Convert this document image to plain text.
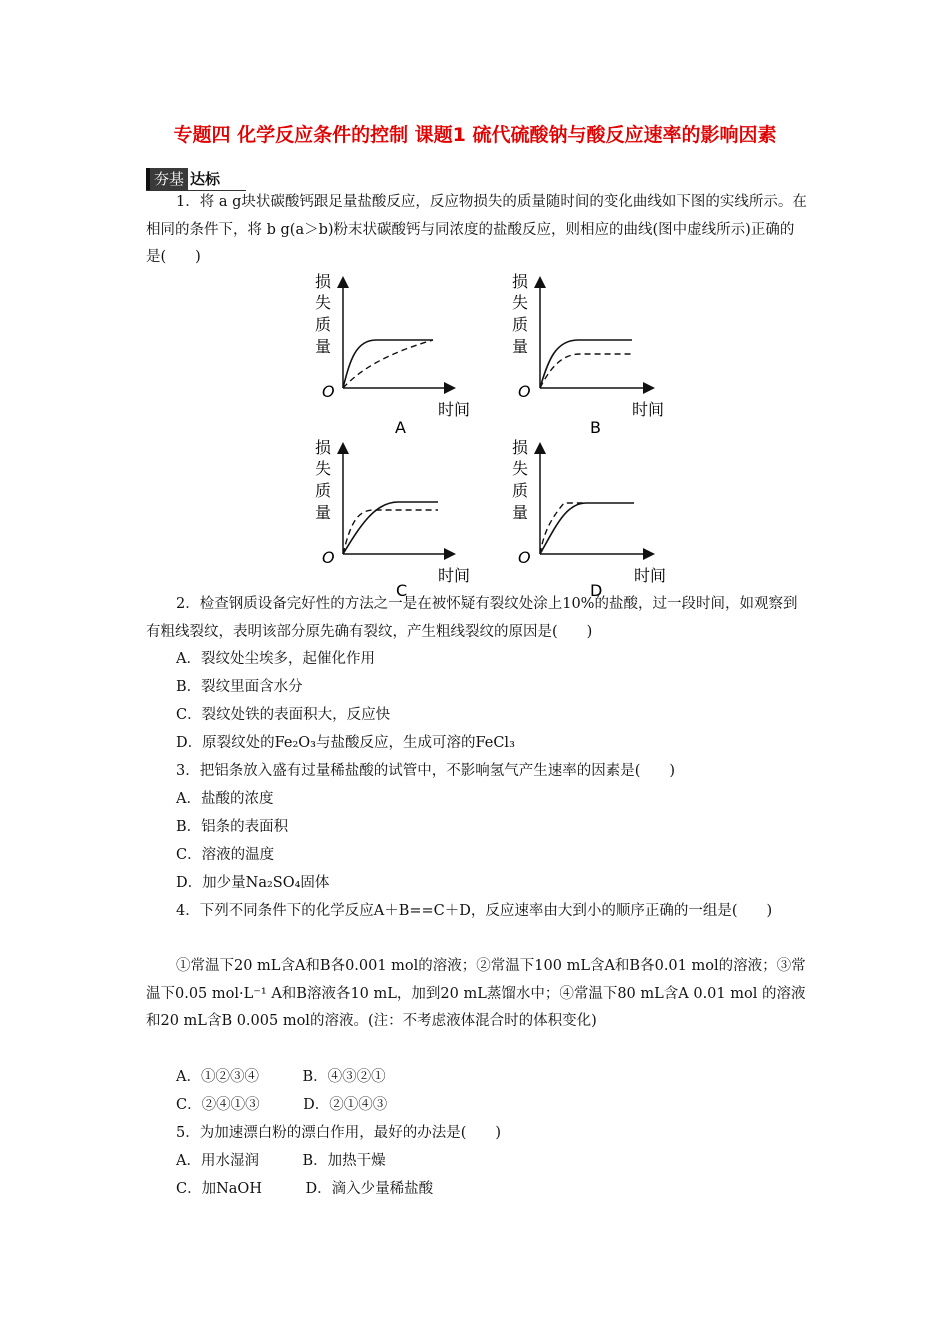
专题四 化学反应条件的控制 课题1 硫代硫酸钠与酸反应速率的影响因素
夯基 达标

1．将 a g块状碳酸钙跟足量盐酸反应，反应物损失的质量随时间的变化曲线如下图的实线所示。在相同的条件下，将 b g(a＞b)粉末状碳酸钙与同浓度的盐酸反应，则相应的曲线(图中虚线所示)正确的是(　　)

损
失
质
量
O
时间
A
损
失
质
量
O
时间
B
损
失
质
量
O
时间
C
损
失
质
量
O
时间
D

2．检查钢质设备完好性的方法之一是在被怀疑有裂纹处涂上10%的盐酸，过一段时间，如观察到有粗线裂纹，表明该部分原先确有裂纹，产生粗线裂纹的原因是(　　)

A．裂纹处尘埃多，起催化作用

B．裂纹里面含水分

C．裂纹处铁的表面积大，反应快

D．原裂纹处的Fe₂O₃与盐酸反应，生成可溶的FeCl₃

3．把铝条放入盛有过量稀盐酸的试管中，不影响氢气产生速率的因素是(　　)

A．盐酸的浓度

B．铝条的表面积

C．溶液的温度

D．加少量Na₂SO₄固体

4．下列不同条件下的化学反应A＋B==C＋D，反应速率由大到小的顺序正确的一组是(　　)

①常温下20 mL含A和B各0.001 mol的溶液；②常温下100 mL含A和B各0.01 mol的溶液；③常温下0.05 mol·L⁻¹ A和B溶液各10 mL，加到20 mL蒸馏水中；④常温下80 mL含A 0.01 mol 的溶液和20 mL含B 0.005 mol的溶液。(注：不考虑液体混合时的体积变化)

A．①②③④　　　B．④③②①

C．②④①③　　　D．②①④③

5．为加速漂白粉的漂白作用，最好的办法是(　　)

A．用水湿润　　　B．加热干燥

C．加NaOH　　　D．滴入少量稀盐酸
